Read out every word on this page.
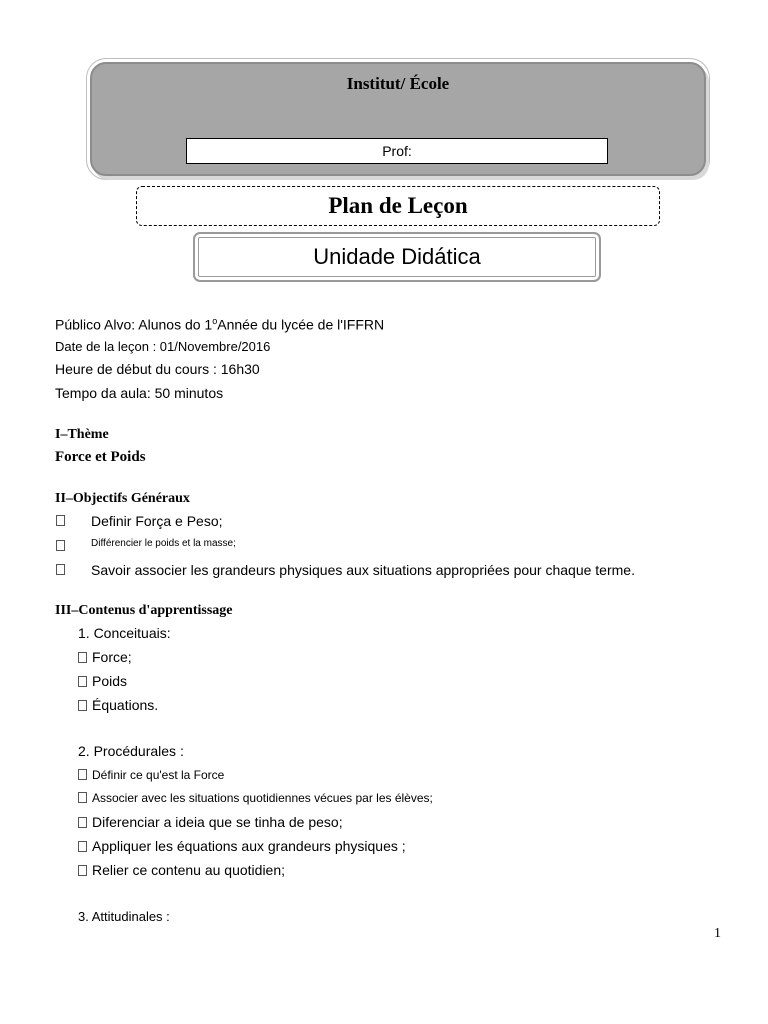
Institut/ École
Prof:
Plan de Leçon
Unidade Didática
Público Alvo: Alunos do 1$^o$Année du lycée de l'IFFRN
Date de la leçon : 01/Novembre/2016
Heure de début du cours : 16h30
Tempo da aula: 50 minutos
I–Thème
Force et Poids
II–Objectifs Généraux
Definir Força e Peso;
Différencier le poids et la masse;
Savoir associer les grandeurs physiques aux situations appropriées pour chaque terme.
III–Contenus d'apprentissage
1. Conceituais:
Force;
Poids
Équations.
2. Procédurales :
Définir ce qu'est la Force
Associer avec les situations quotidiennes vécues par les élèves;
Diferenciar a ideia que se tinha de peso;
Appliquer les équations aux grandeurs physiques ;
Relier ce contenu au quotidien;
3. Attitudinales :
1
